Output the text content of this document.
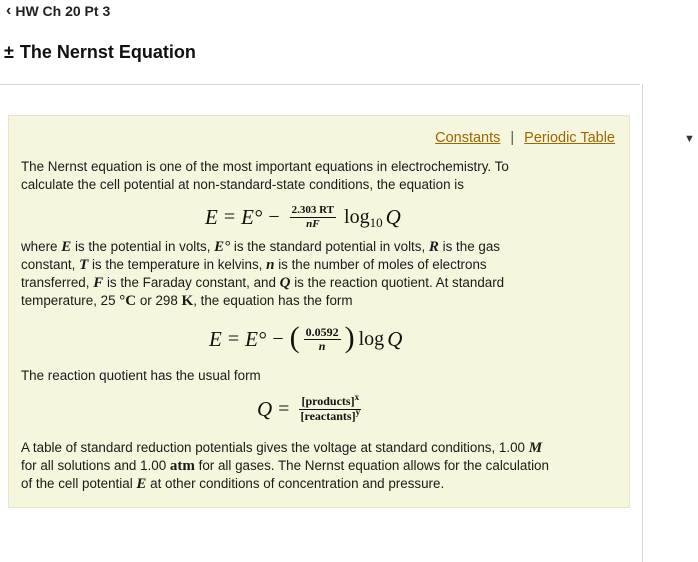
‹ HW Ch 20 Pt 3
± The Nernst Equation
▼
Constants | Periodic Table
The Nernst equation is one of the most important equations in electrochemistry. To
calculate the cell potential at non-standard-state conditions, the equation is
$E = E^\circ - \frac{2.303 RT}{nF}$ log 10 Q
where E is the potential in volts, E° is the standard potential in volts, R is the gas
constant, T is the temperature in kelvins, n is the number of moles of electrons
transferred, F is the Faraday constant, and Q is the reaction quotient. At standard
temperature, 25 °C or 298 K, the equation has the form
E = E° − ( $\frac{0.0592}{n}$ ) log Q
The reaction quotient has the usual form
$Q = \frac{[products]^x}{[reactants]^y}$
A table of standard reduction potentials gives the voltage at standard conditions, 1.00 M
for all solutions and 1.00 atm for all gases. The Nernst equation allows for the calculation
of the cell potential E at other conditions of concentration and pressure.
